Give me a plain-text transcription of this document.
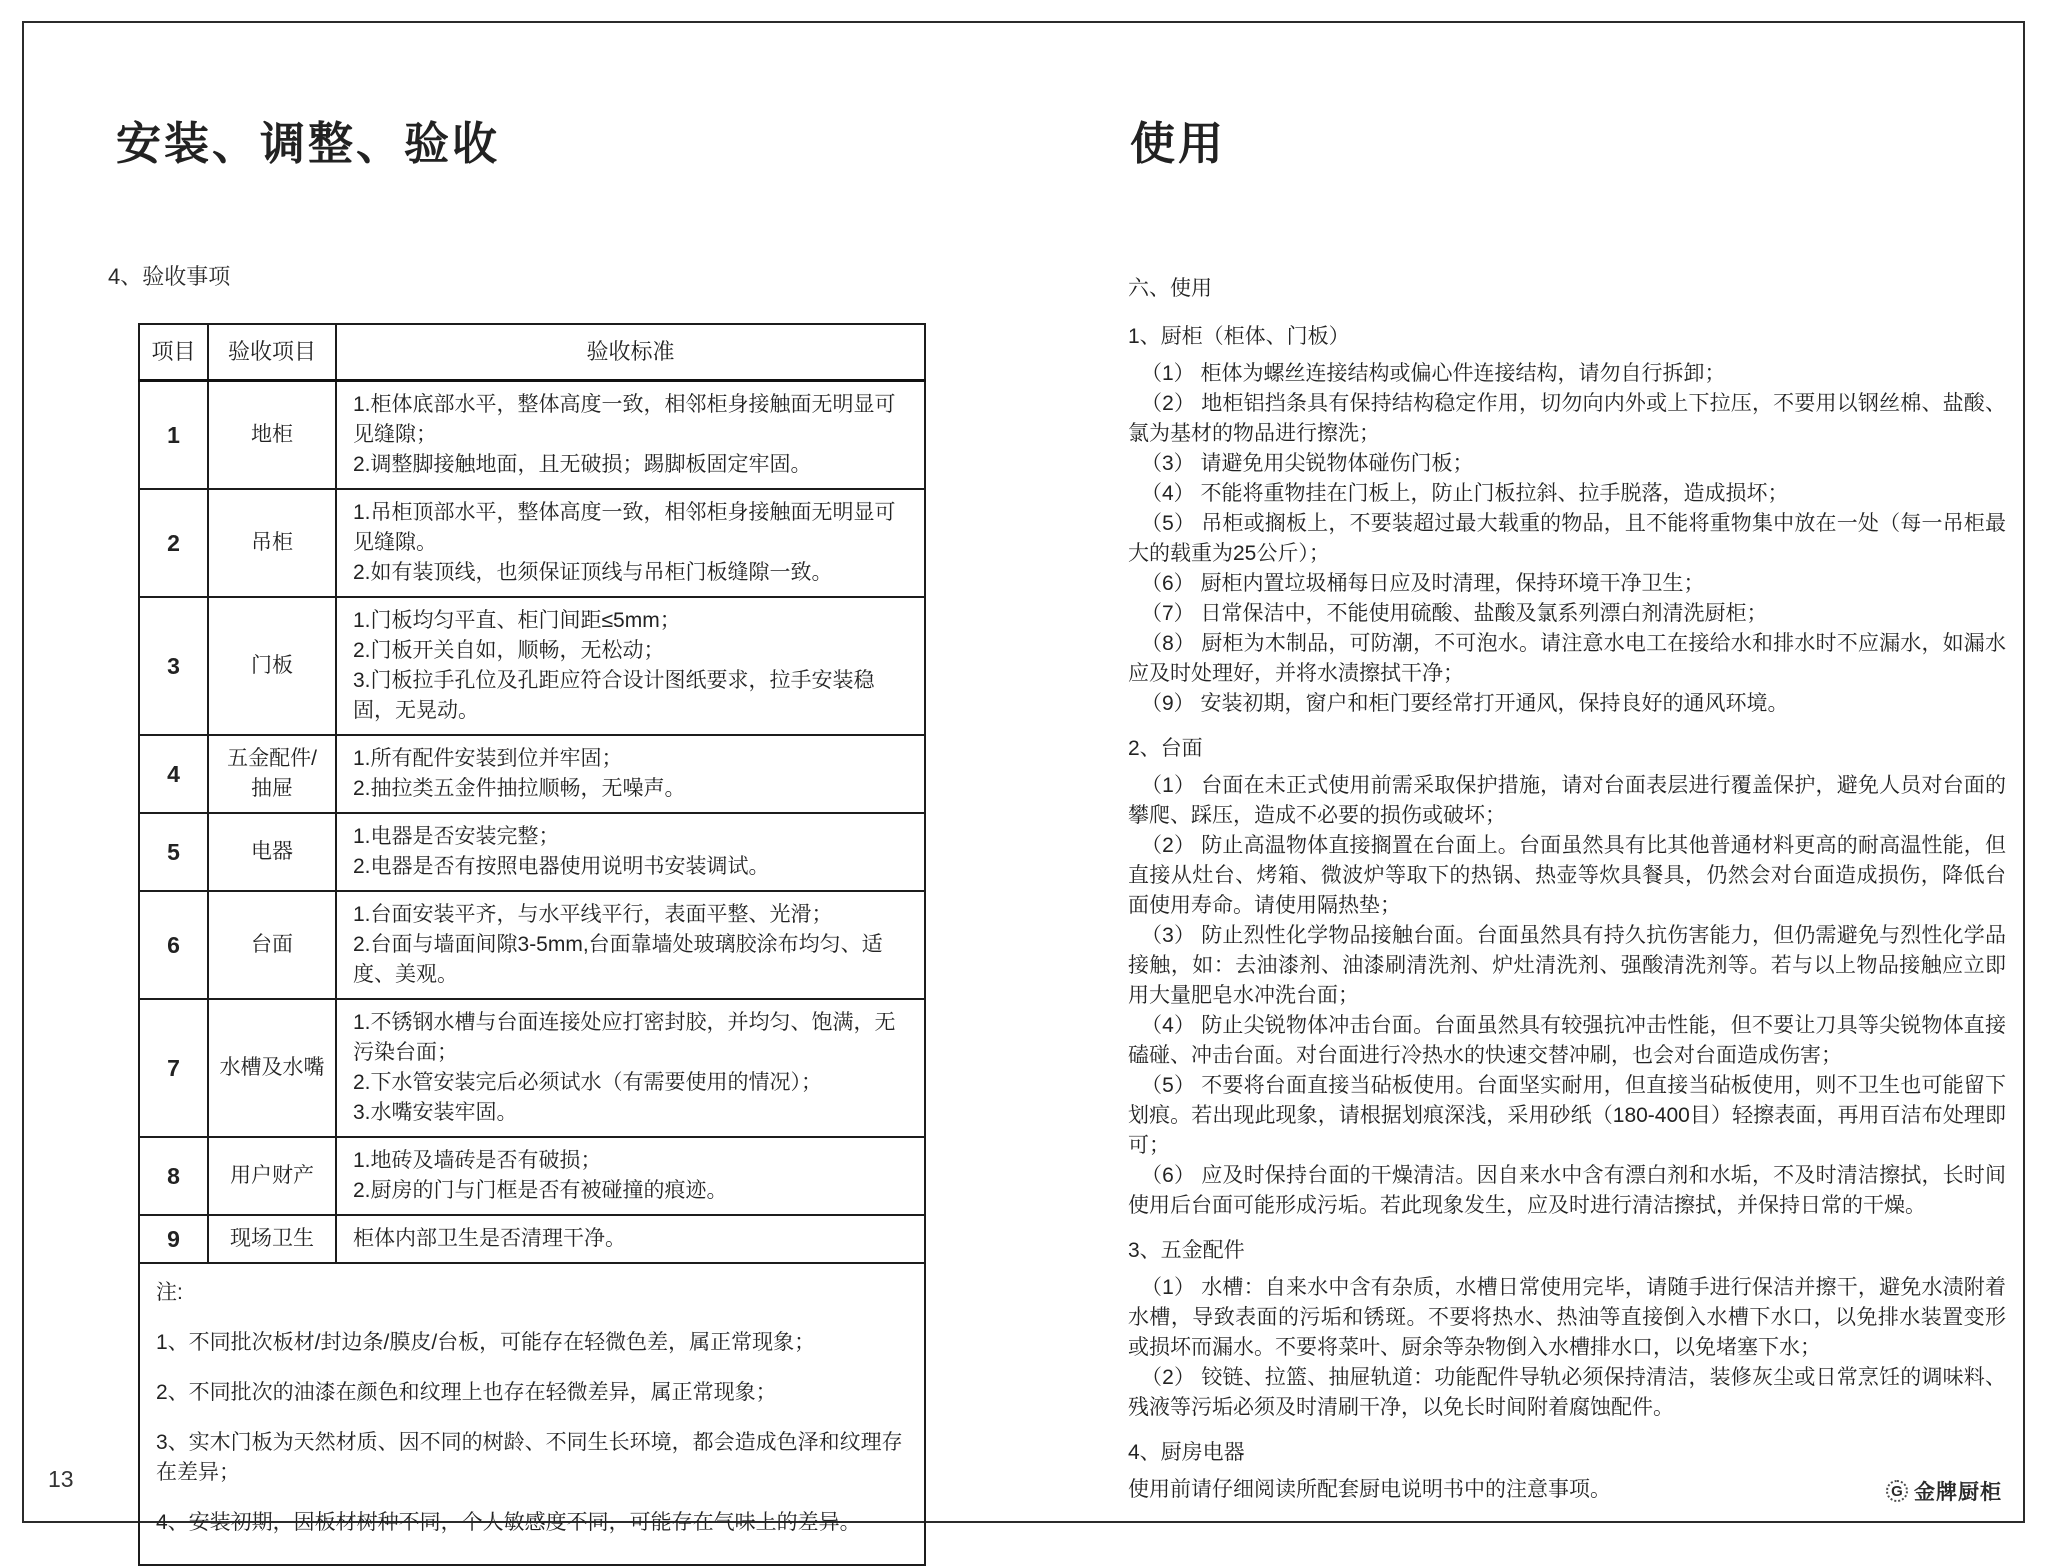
安装、调整、验收
4、验收事项
项目	验收项目	验收标准
1	地柜	1.柜体底部水平，整体高度一致，相邻柜身接触面无明显可见缝隙；
2.调整脚接触地面，且无破损；踢脚板固定牢固。

2	吊柜	1.吊柜顶部水平，整体高度一致，相邻柜身接触面无明显可见缝隙。
2.如有装顶线，也须保证顶线与吊柜门板缝隙一致。

3	门板	1.门板均匀平直、柜门间距≤5mm；
2.门板开关自如，顺畅，无松动；
3.门板拉手孔位及孔距应符合设计图纸要求，拉手安装稳固，无晃动。

4	五金配件/抽屉	1.所有配件安装到位并牢固；
2.抽拉类五金件抽拉顺畅，无噪声。

5	电器	1.电器是否安装完整；
2.电器是否有按照电器使用说明书安装调试。

6	台面	1.台面安装平齐，与水平线平行，表面平整、光滑；
2.台面与墙面间隙3-5mm,台面靠墙处玻璃胶涂布均匀、适度、美观。

7	水槽及水嘴	1.不锈钢水槽与台面连接处应打密封胶，并均匀、饱满，无污染台面；
2.下水管安装完后必须试水（有需要使用的情况）；
3.水嘴安装牢固。

8	用户财产	1.地砖及墙砖是否有破损；
2.厨房的门与门框是否有被碰撞的痕迹。

9	现场卫生	柜体内部卫生是否清理干净。

注:

1、不同批次板材/封边条/膜皮/台板，可能存在轻微色差，属正常现象；

2、不同批次的油漆在颜色和纹理上也存在轻微差异，属正常现象；

3、实木门板为天然材质、因不同的树龄、不同生长环境，都会造成色泽和纹理存在差异；

4、安装初期，因板材树种不同，个人敏感度不同，可能存在气味上的差异。		

使用
六、使用
1、厨柜（柜体、门板）

（1） 柜体为螺丝连接结构或偏心件连接结构，请勿自行拆卸；

（2） 地柜铝挡条具有保持结构稳定作用，切勿向内外或上下拉压，不要用以钢丝棉、盐酸、氯为基材的物品进行擦洗；

（3） 请避免用尖锐物体碰伤门板；

（4） 不能将重物挂在门板上，防止门板拉斜、拉手脱落，造成损坏；

（5） 吊柜或搁板上，不要装超过最大载重的物品，且不能将重物集中放在一处（每一吊柜最大的载重为25公斤）；

（6） 厨柜内置垃圾桶每日应及时清理，保持环境干净卫生；

（7） 日常保洁中，不能使用硫酸、盐酸及氯系列漂白剂清洗厨柜；

（8） 厨柜为木制品，可防潮，不可泡水。请注意水电工在接给水和排水时不应漏水，如漏水应及时处理好，并将水渍擦拭干净；

（9） 安装初期，窗户和柜门要经常打开通风，保持良好的通风环境。

2、台面

（1） 台面在未正式使用前需采取保护措施，请对台面表层进行覆盖保护，避免人员对台面的攀爬、踩压，造成不必要的损伤或破坏；

（2） 防止高温物体直接搁置在台面上。台面虽然具有比其他普通材料更高的耐高温性能，但直接从灶台、烤箱、微波炉等取下的热锅、热壶等炊具餐具，仍然会对台面造成损伤，降低台面使用寿命。请使用隔热垫；

（3） 防止烈性化学物品接触台面。台面虽然具有持久抗伤害能力，但仍需避免与烈性化学品接触，如：去油漆剂、油漆刷清洗剂、炉灶清洗剂、强酸清洗剂等。若与以上物品接触应立即用大量肥皂水冲洗台面；

（4） 防止尖锐物体冲击台面。台面虽然具有较强抗冲击性能，但不要让刀具等尖锐物体直接磕碰、冲击台面。对台面进行冷热水的快速交替冲刷，也会对台面造成伤害；

（5） 不要将台面直接当砧板使用。台面坚实耐用，但直接当砧板使用，则不卫生也可能留下划痕。若出现此现象，请根据划痕深浅，采用砂纸（180-400目）轻擦表面，再用百洁布处理即可；

（6） 应及时保持台面的干燥清洁。因自来水中含有漂白剂和水垢，不及时清洁擦拭，长时间使用后台面可能形成污垢。若此现象发生，应及时进行清洁擦拭，并保持日常的干燥。

3、五金配件

（1） 水槽：自来水中含有杂质，水槽日常使用完毕，请随手进行保洁并擦干，避免水渍附着水槽，导致表面的污垢和锈斑。不要将热水、热油等直接倒入水槽下水口，以免排水装置变形或损坏而漏水。不要将菜叶、厨余等杂物倒入水槽排水口，以免堵塞下水；

（2） 铰链、拉篮、抽屉轨道：功能配件导轨必须保持清洁，装修灰尘或日常烹饪的调味料、残液等污垢必须及时清刷干净，以免长时间附着腐蚀配件。

4、厨房电器

使用前请仔细阅读所配套厨电说明书中的注意事项。

13	G 金牌厨柜
